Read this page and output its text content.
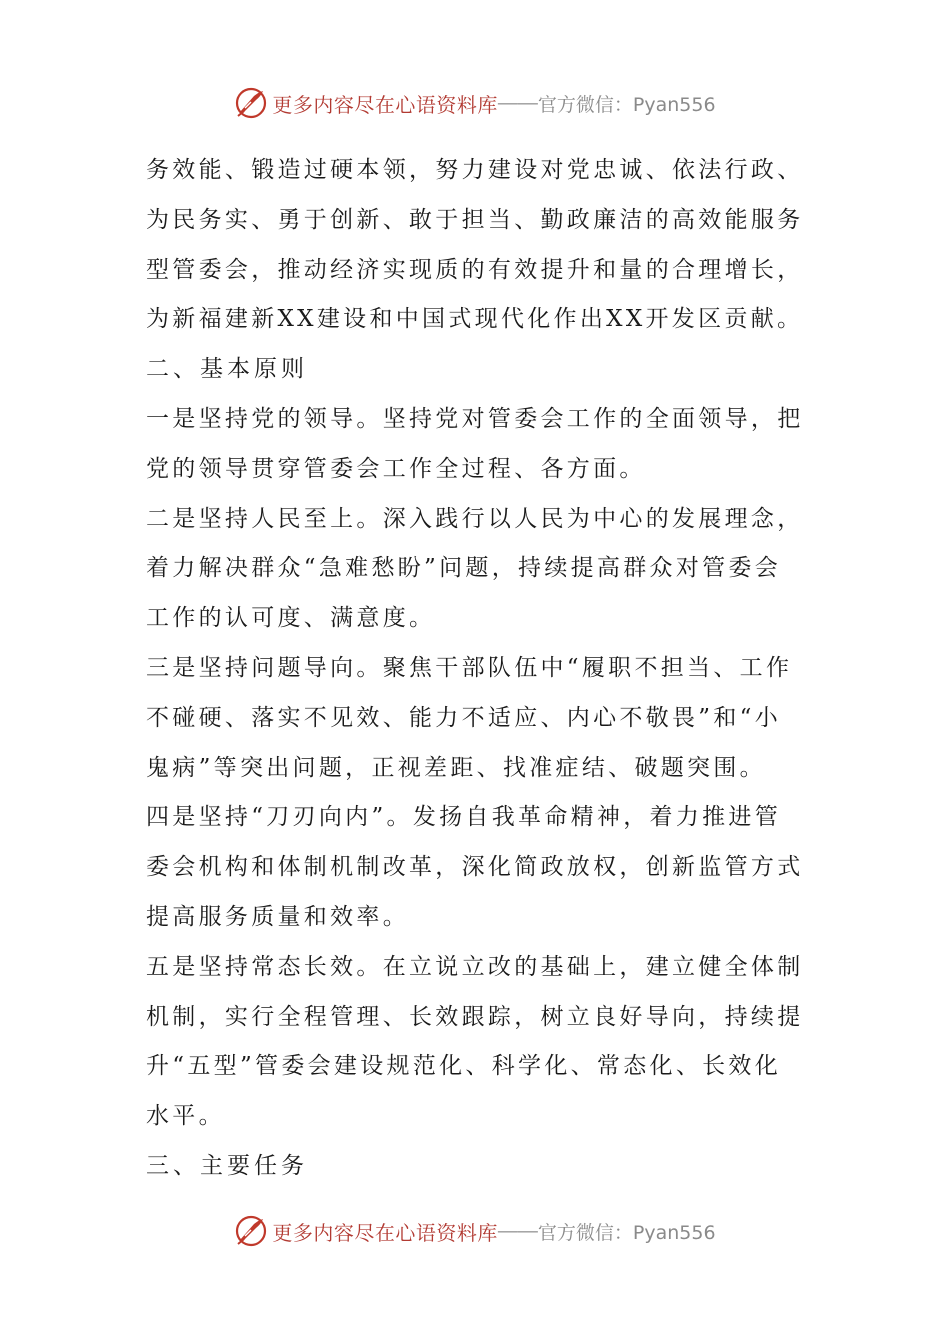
更多内容尽在心语资料库 —— 官方微信：Pyan556
务效能、锻造过硬本领，努力建设对党忠诚、依法行政、
为民务实、勇于创新、敢于担当、勤政廉洁的高效能服务
型管委会，推动经济实现质的有效提升和量的合理增长，
为新福建新XX建设和中国式现代化作出XX开发区贡献。
二、基本原则
一是坚持党的领导。坚持党对管委会工作的全面领导，把
党的领导贯穿管委会工作全过程、各方面。
二是坚持人民至上。深入践行以人民为中心的发展理念，
着力解决群众“急难愁盼”问题，持续提高群众对管委会
工作的认可度、满意度。
三是坚持问题导向。聚焦干部队伍中“履职不担当、工作
不碰硬、落实不见效、能力不适应、内心不敬畏”和“小
鬼病”等突出问题，正视差距、找准症结、破题突围。
四是坚持“刀刃向内”。发扬自我革命精神，着力推进管
委会机构和体制机制改革，深化简政放权，创新监管方式
提高服务质量和效率。
五是坚持常态长效。在立说立改的基础上，建立健全体制
机制，实行全程管理、长效跟踪，树立良好导向，持续提
升“五型”管委会建设规范化、科学化、常态化、长效化
水平。
三、主要任务
更多内容尽在心语资料库 —— 官方微信：Pyan556
